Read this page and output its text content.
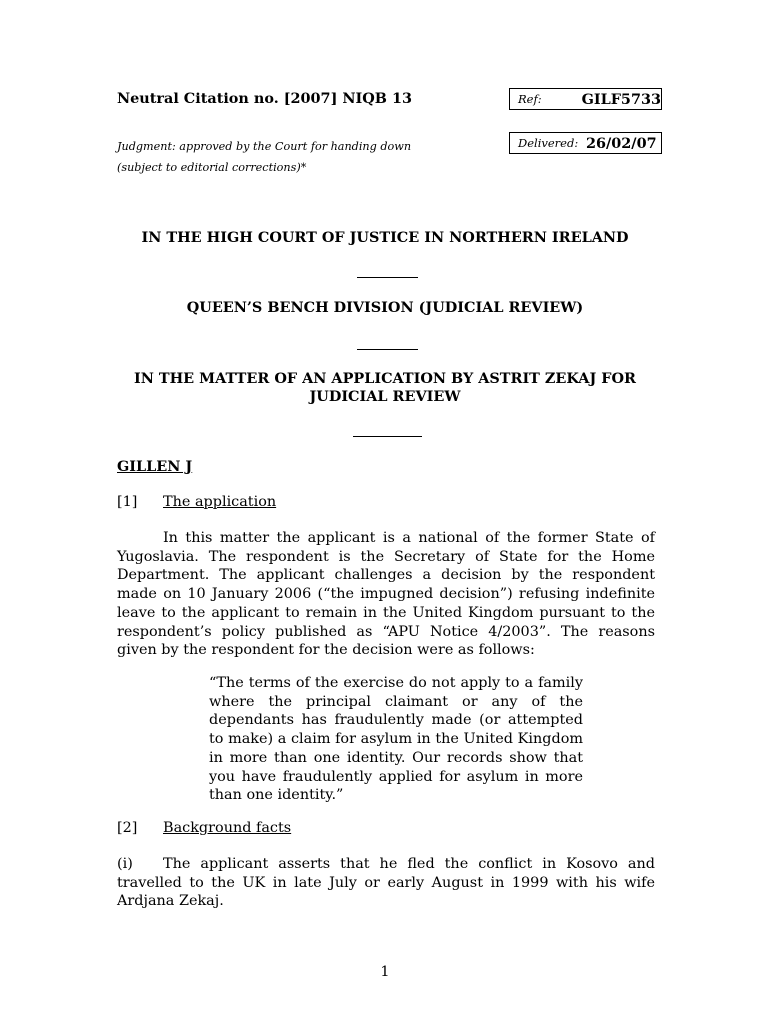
Neutral Citation no. [2007] NIQB 13
Judgment: approved by the Court for handing down
(subject to editorial corrections)*
Ref:	GILF5733
Delivered: 26/02/07
IN THE HIGH COURT OF JUSTICE IN NORTHERN IRELAND
QUEEN’S BENCH DIVISION (JUDICIAL REVIEW)
IN THE MATTER OF AN APPLICATION BY ASTRIT ZEKAJ FOR
JUDICIAL REVIEW
GILLEN J
[1] The application

In this matter the applicant is a national of the former State of Yugoslavia. The respondent is the Secretary of State for the Home Department. The applicant challenges a decision by the respondent made on 10 January 2006 (“the impugned decision”) refusing indefinite leave to the applicant to remain in the United Kingdom pursuant to the respondent’s policy published as “APU Notice 4/2003”. The reasons given by the respondent for the decision were as follows:

“The terms of the exercise do not apply to a family where the principal claimant or any of the dependants has fraudulently made (or attempted to make) a claim for asylum in the United Kingdom in more than one identity. Our records show that you have fraudulently applied for asylum in more than one identity.”

[2] Background facts

(i) The applicant asserts that he fled the conflict in Kosovo and travelled to the UK in late July or early August in 1999 with his wife Ardjana Zekaj.

1
